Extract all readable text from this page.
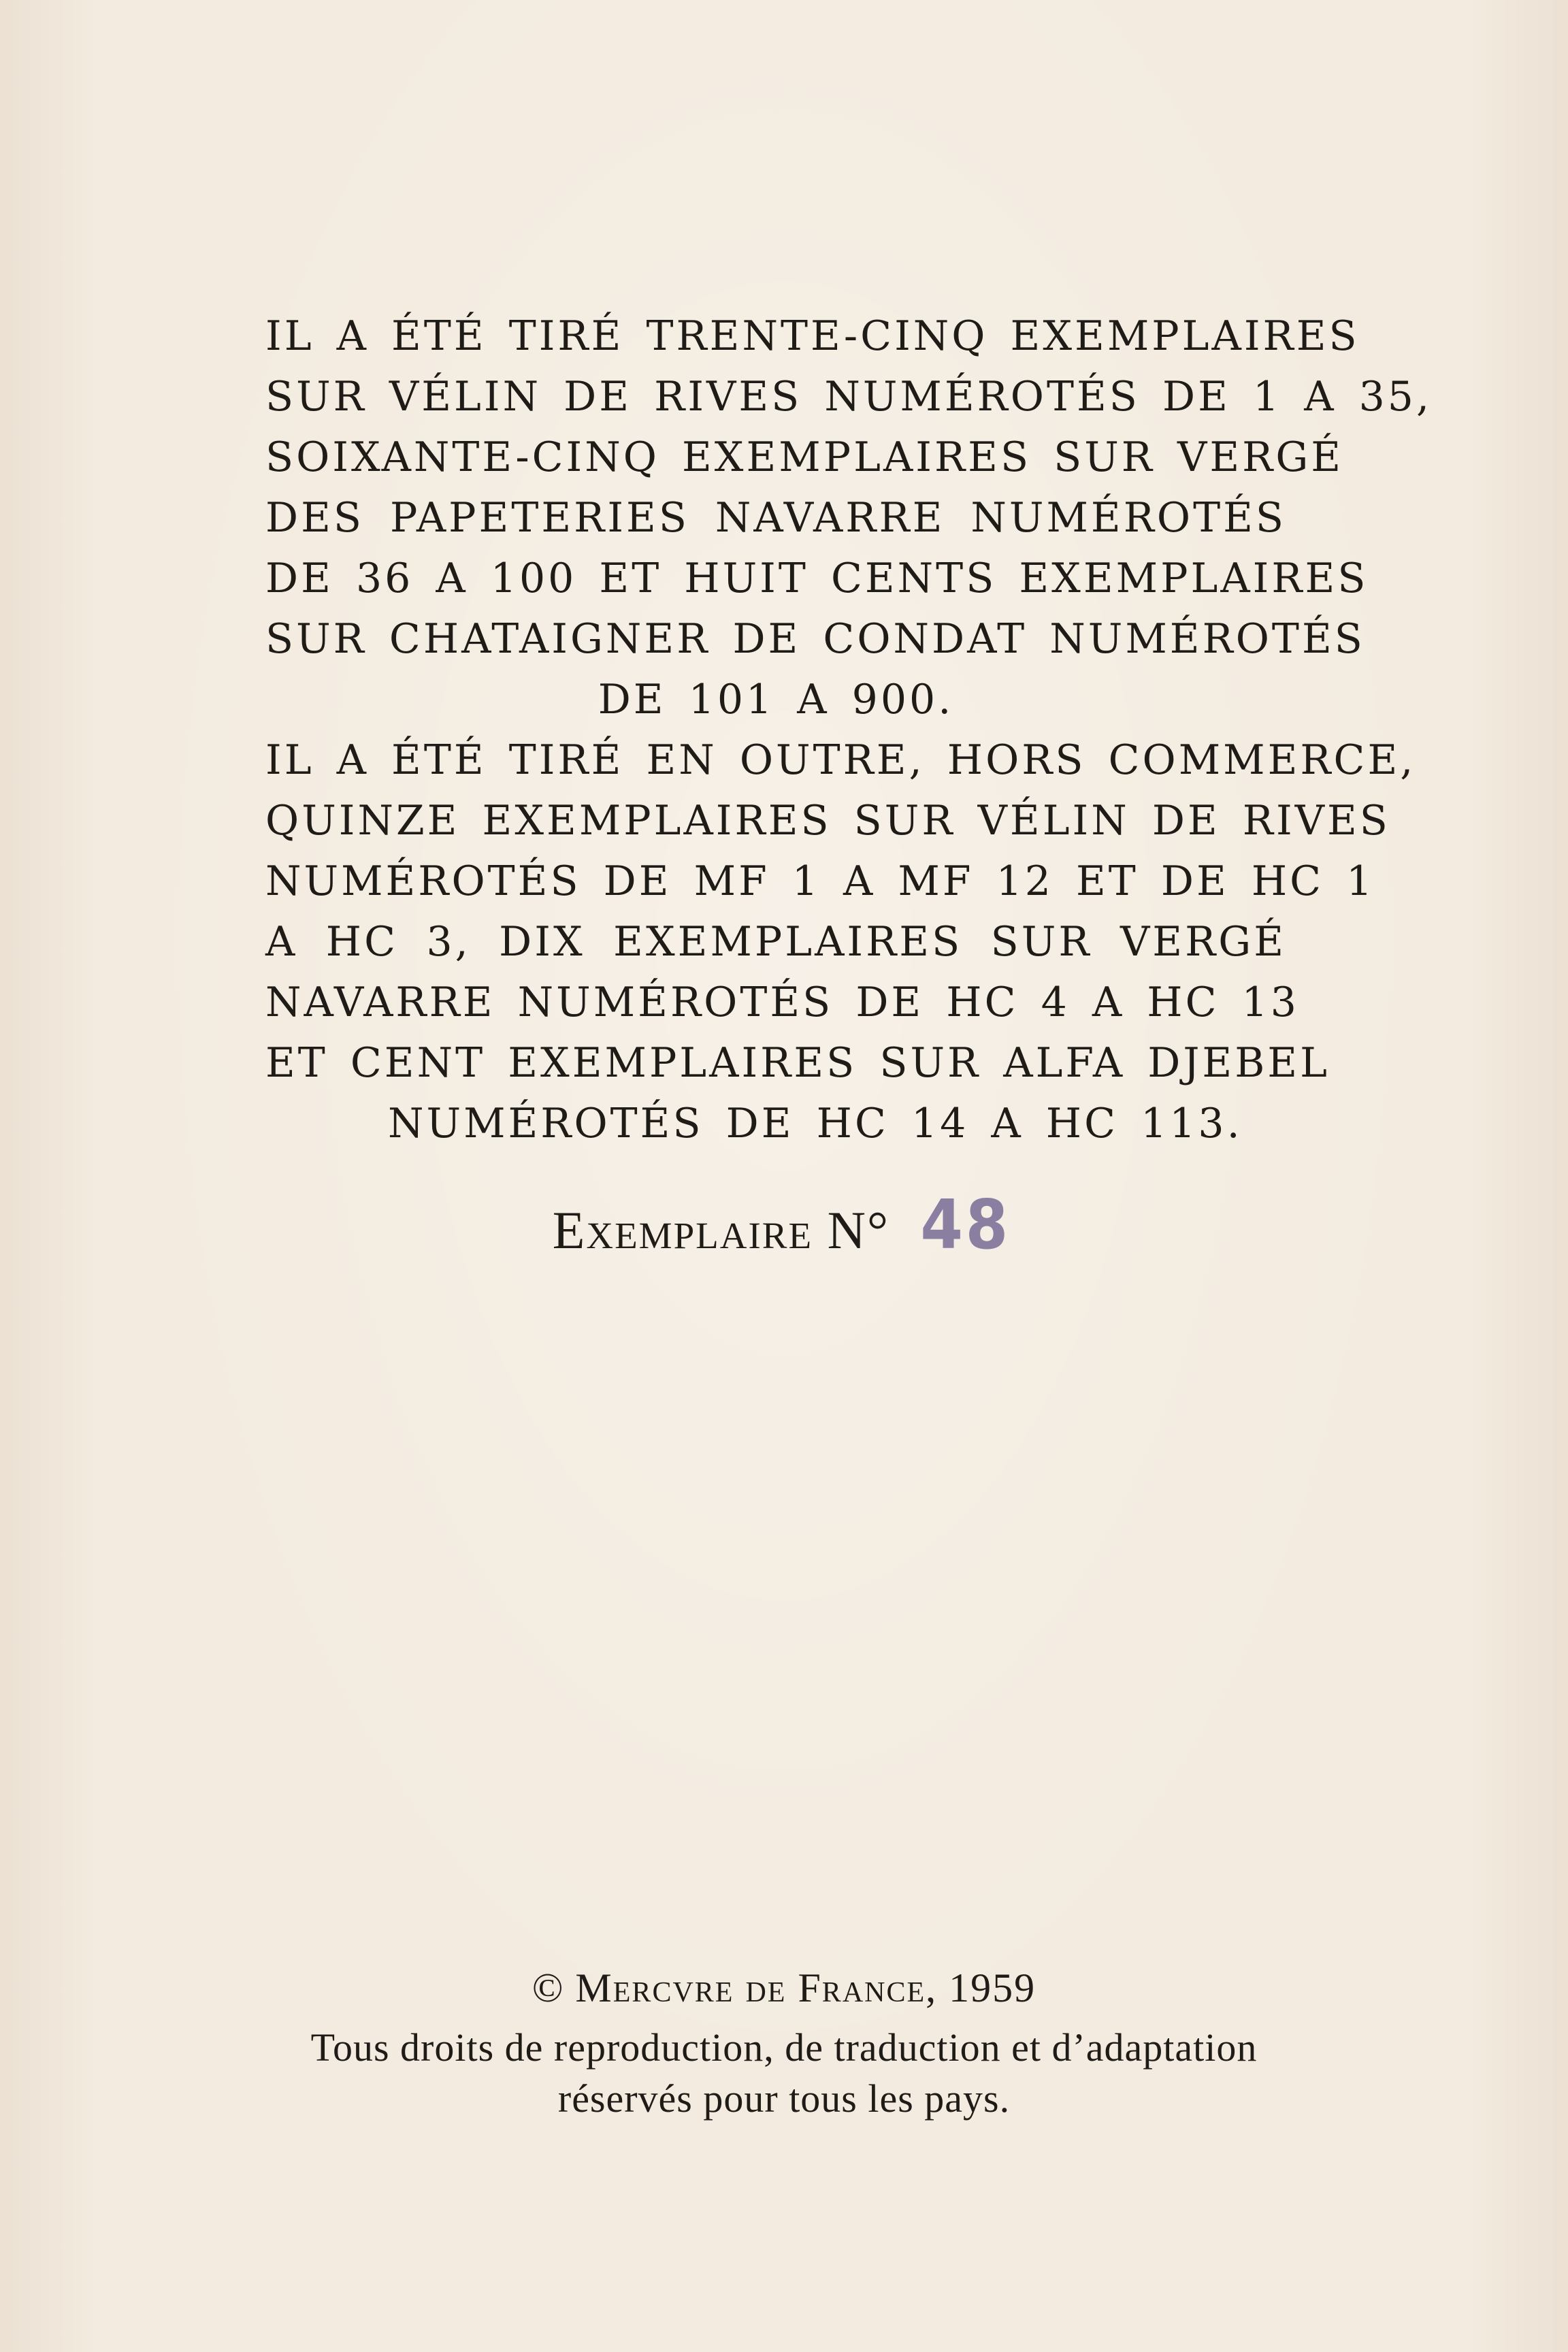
IL A ÉTÉ TIRÉ TRENTE-CINQ EXEMPLAIRES
SUR VÉLIN DE RIVES NUMÉROTÉS DE 1 A 35,
SOIXANTE-CINQ EXEMPLAIRES SUR VERGÉ
DES PAPETERIES NAVARRE NUMÉROTÉS
DE 36 A 100 ET HUIT CENTS EXEMPLAIRES
SUR CHATAIGNER DE CONDAT NUMÉROTÉS
DE 101 A 900.
IL A ÉTÉ TIRÉ EN OUTRE, HORS COMMERCE,
QUINZE EXEMPLAIRES SUR VÉLIN DE RIVES
NUMÉROTÉS DE MF 1 A MF 12 ET DE HC 1
A HC 3, DIX EXEMPLAIRES SUR VERGÉ
NAVARRE NUMÉROTÉS DE HC 4 A HC 13
ET CENT EXEMPLAIRES SUR ALFA DJEBEL
NUMÉROTÉS DE HC 14 A HC 113.
Exemplaire N° 48
© Mercvre de France, 1959
Tous droits de reproduction, de traduction et d’adaptation
réservés pour tous les pays.
